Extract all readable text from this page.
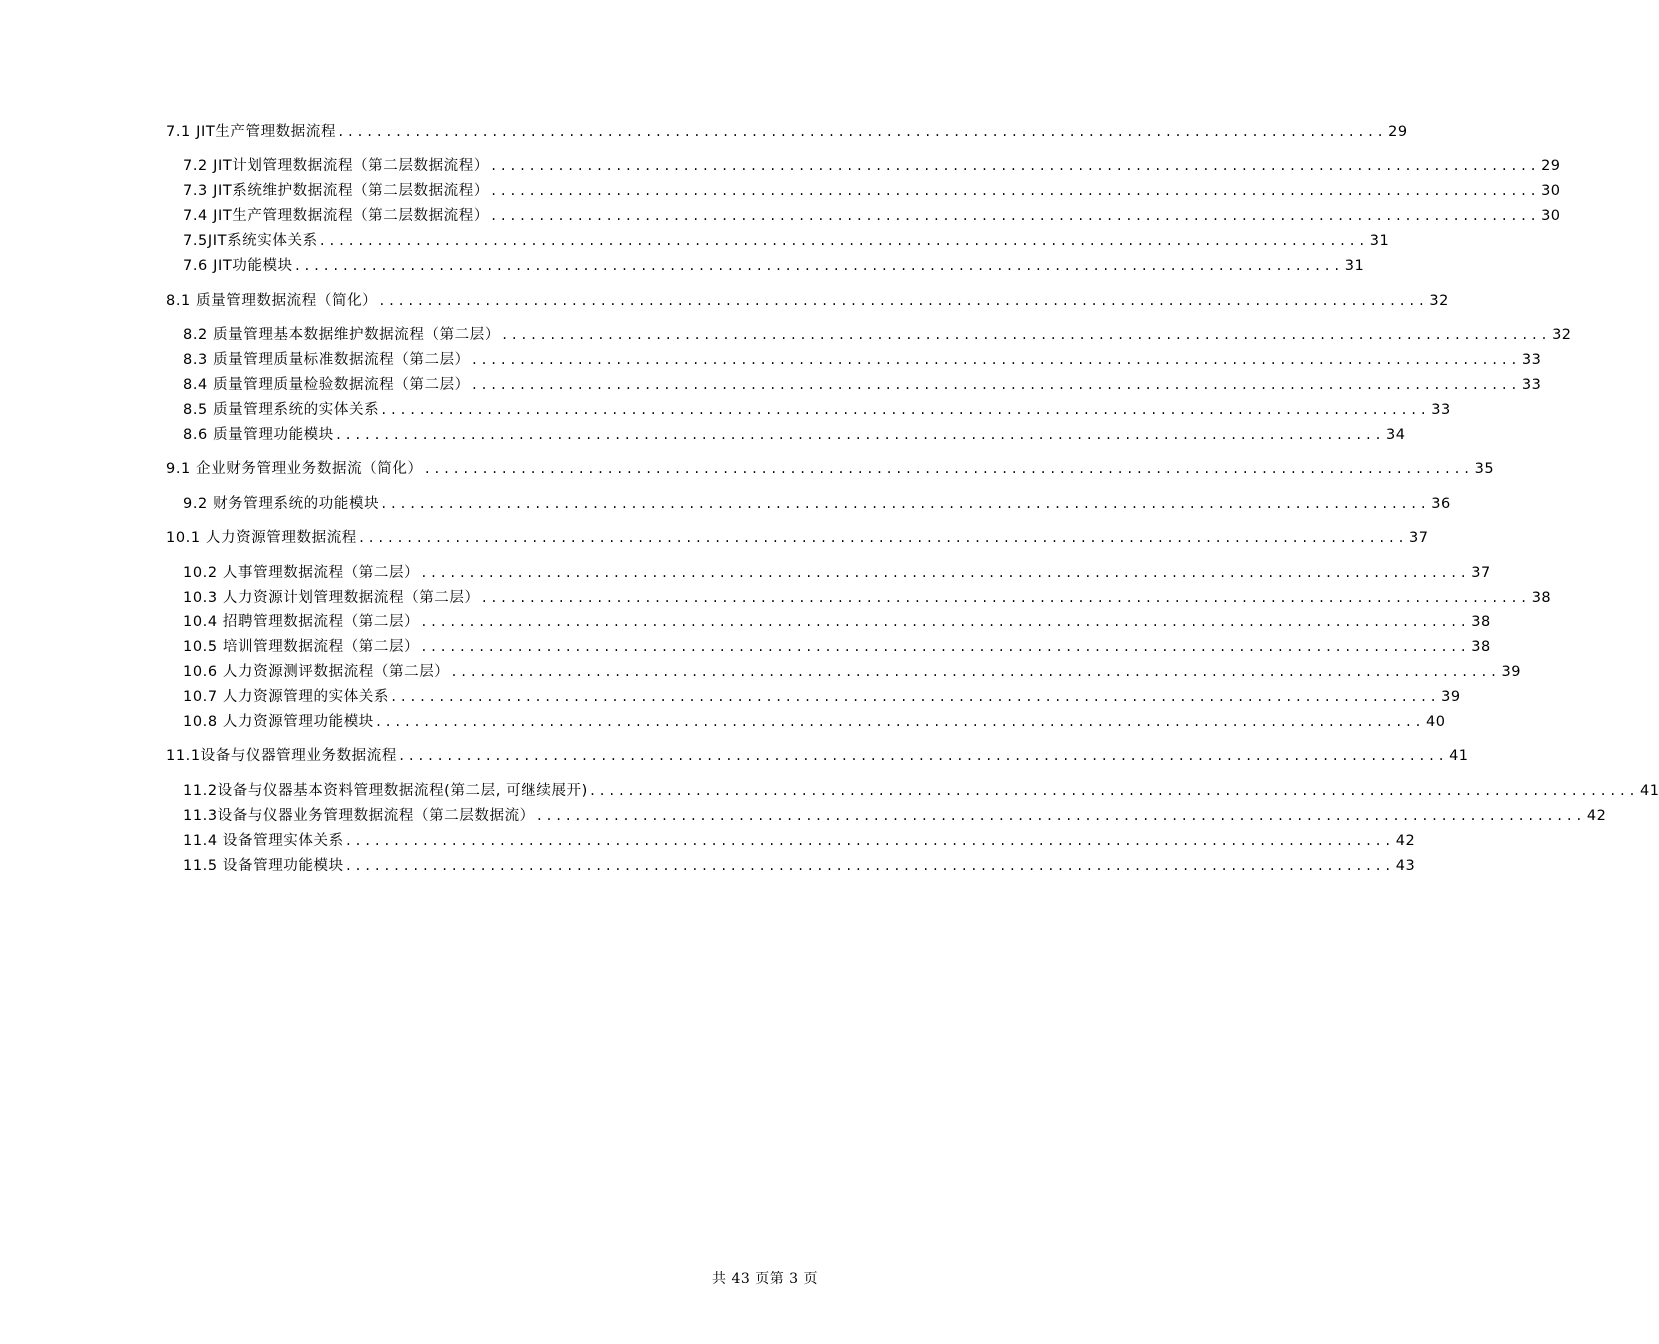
7.1 JIT生产管理数据流程 ............................................................................................................. 29
7.2 JIT计划管理数据流程（第二层数据流程） ............................................................................................................. 29
7.3 JIT系统维护数据流程（第二层数据流程） ............................................................................................................. 30
7.4 JIT生产管理数据流程（第二层数据流程） ............................................................................................................. 30
7.5JIT系统实体关系 ............................................................................................................. 31
7.6 JIT功能模块 ............................................................................................................. 31
8.1 质量管理数据流程（简化） ............................................................................................................. 32
8.2 质量管理基本数据维护数据流程（第二层） ............................................................................................................. 32
8.3 质量管理质量标准数据流程（第二层） ............................................................................................................. 33
8.4 质量管理质量检验数据流程（第二层） ............................................................................................................. 33
8.5 质量管理系统的实体关系 ............................................................................................................. 33
8.6 质量管理功能模块 ............................................................................................................. 34
9.1 企业财务管理业务数据流（简化） ............................................................................................................. 35
9.2 财务管理系统的功能模块 ............................................................................................................. 36
10.1 人力资源管理数据流程 ............................................................................................................. 37
10.2 人事管理数据流程（第二层） ............................................................................................................. 37
10.3 人力资源计划管理数据流程（第二层） ............................................................................................................. 38
10.4 招聘管理数据流程（第二层） ............................................................................................................. 38
10.5 培训管理数据流程（第二层） ............................................................................................................. 38
10.6 人力资源测评数据流程（第二层） ............................................................................................................. 39
10.7 人力资源管理的实体关系 ............................................................................................................. 39
10.8 人力资源管理功能模块 ............................................................................................................. 40
11.1设备与仪器管理业务数据流程 ............................................................................................................. 41
11.2设备与仪器基本资料管理数据流程(第二层, 可继续展开) ............................................................................................................. 41
11.3设备与仪器业务管理数据流程（第二层数据流） ............................................................................................................. 42
11.4 设备管理实体关系 ............................................................................................................. 42
11.5 设备管理功能模块 ............................................................................................................. 43
共 43 页第 3 页
